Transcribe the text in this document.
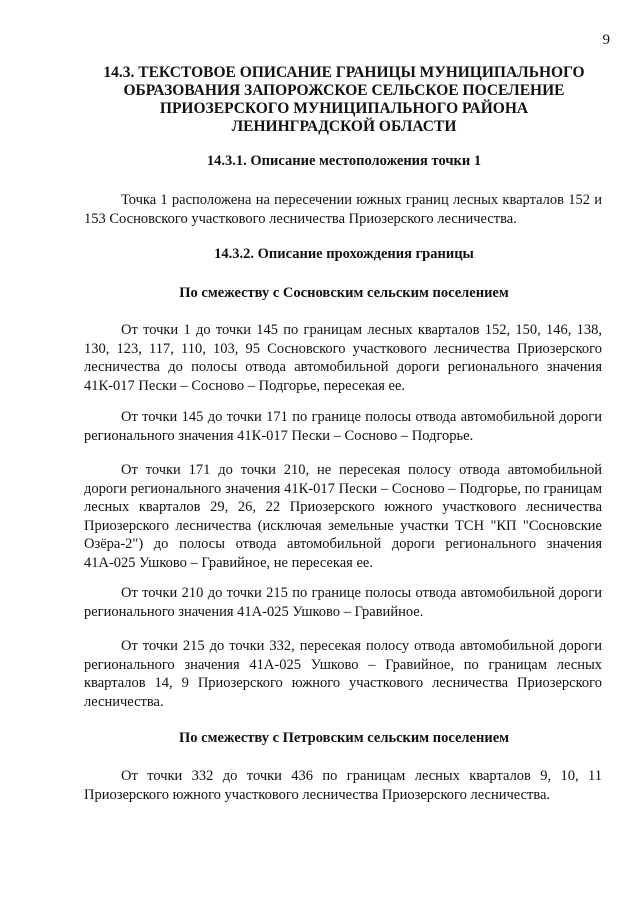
9
14.3. ТЕКСТОВОЕ ОПИСАНИЕ ГРАНИЦЫ МУНИЦИПАЛЬНОГО
ОБРАЗОВАНИЯ ЗАПОРОЖСКОЕ СЕЛЬСКОЕ ПОСЕЛЕНИЕ
ПРИОЗЕРСКОГО МУНИЦИПАЛЬНОГО РАЙОНА
ЛЕНИНГРАДСКОЙ ОБЛАСТИ
14.3.1. Описание местоположения точки 1
Точка 1 расположена на пересечении южных границ лесных кварталов 152 и 153 Сосновского участкового лесничества Приозерского лесничества.
14.3.2. Описание прохождения границы
По смежеству с Сосновским сельским поселением
От точки 1 до точки 145 по границам лесных кварталов 152, 150, 146, 138, 130, 123, 117, 110, 103, 95 Сосновского участкового лесничества Приозерского лесничества до полосы отвода автомобильной дороги регионального значения 41К-017 Пески – Сосново – Подгорье, пересекая ее.
От точки 145 до точки 171 по границе полосы отвода автомобильной дороги регионального значения 41К-017 Пески – Сосново – Подгорье.
От точки 171 до точки 210, не пересекая полосу отвода автомобильной дороги регионального значения 41К-017 Пески – Сосново – Подгорье, по границам лесных кварталов 29, 26, 22 Приозерского южного участкового лесничества Приозерского лесничества (исключая земельные участки ТСН "КП "Сосновские Озёра-2") до полосы отвода автомобильной дороги регионального значения 41А-025 Ушково – Гравийное, не пересекая ее.
От точки 210 до точки 215 по границе полосы отвода автомобильной дороги регионального значения 41А-025 Ушково – Гравийное.
От точки 215 до точки 332, пересекая полосу отвода автомобильной дороги регионального значения 41А-025 Ушково – Гравийное, по границам лесных кварталов 14, 9 Приозерского южного участкового лесничества Приозерского лесничества.
По смежеству с Петровским сельским поселением
От точки 332 до точки 436 по границам лесных кварталов 9, 10, 11 Приозерского южного участкового лесничества Приозерского лесничества.
